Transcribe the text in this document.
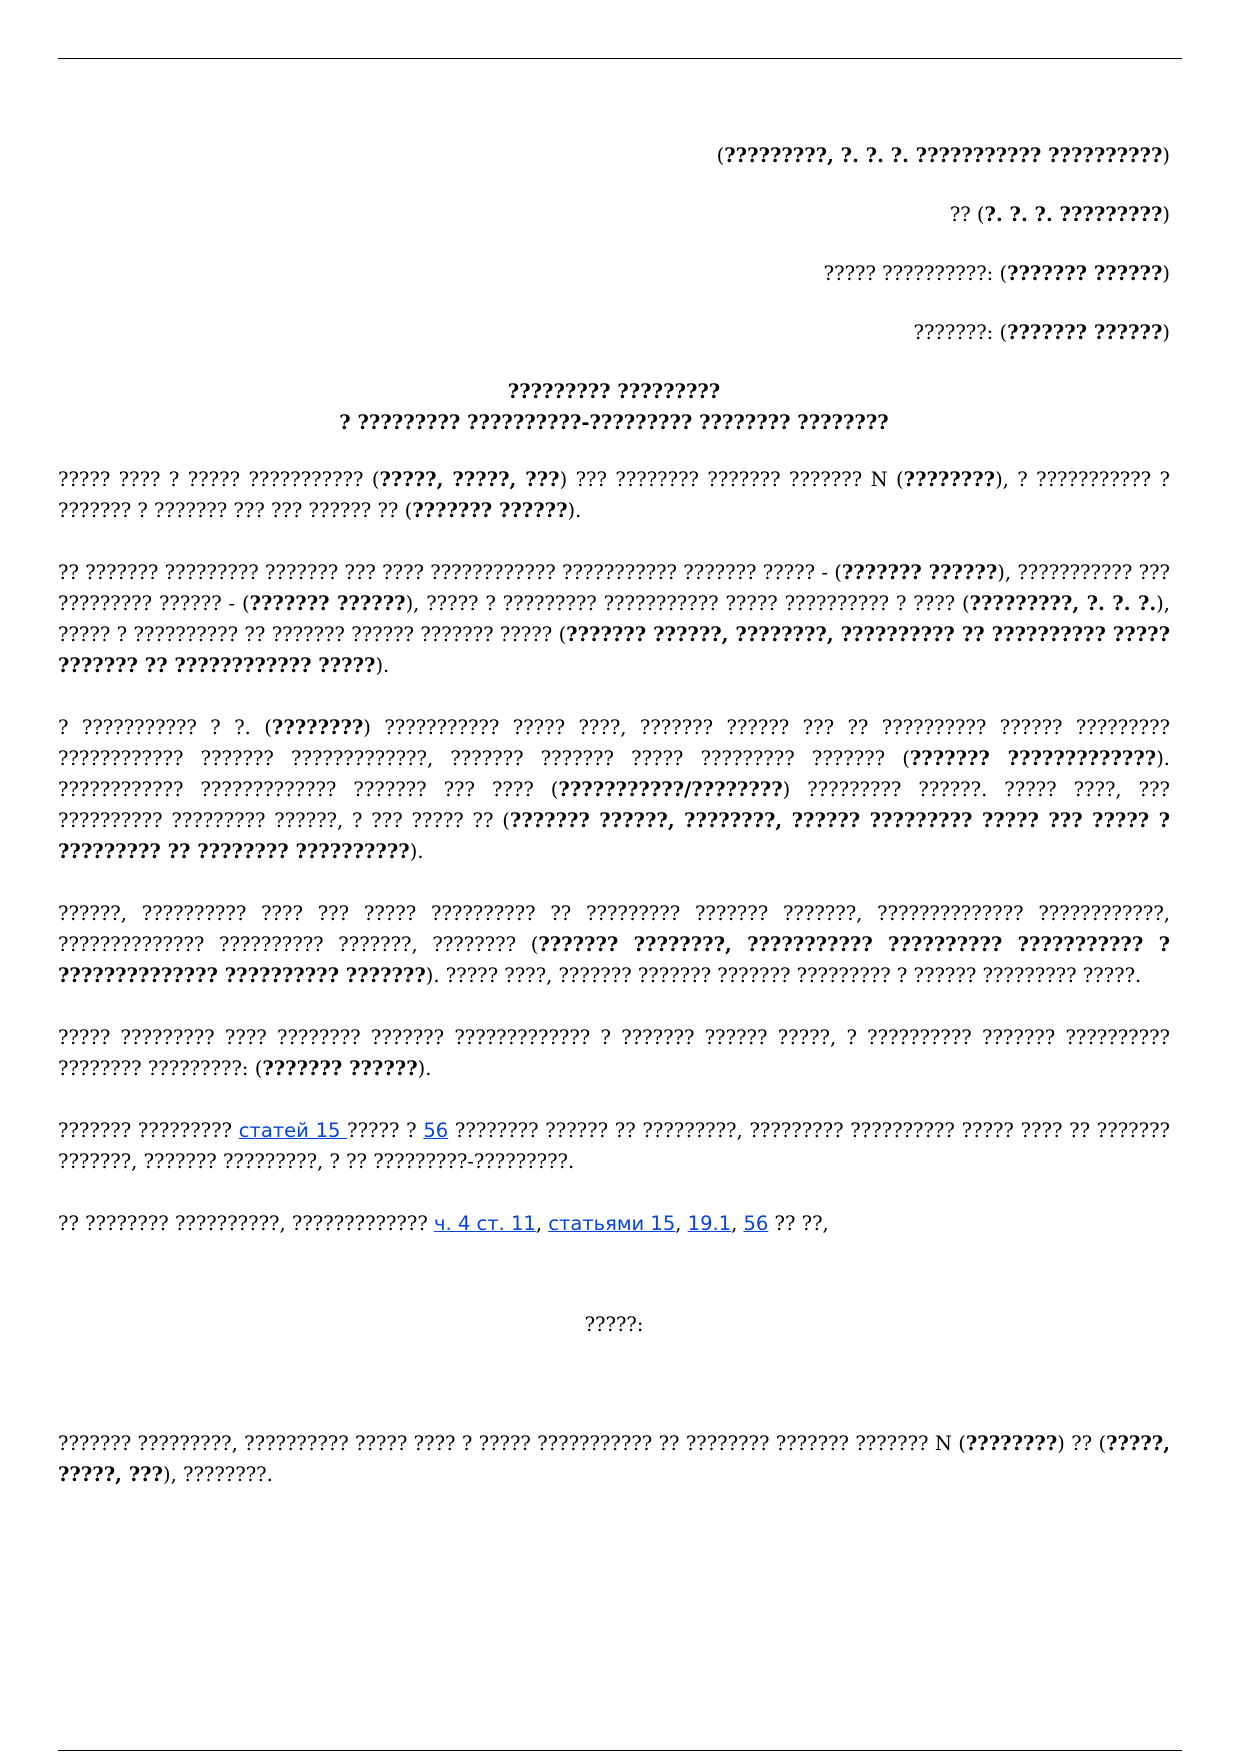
(?????????, ?. ?. ?. ??????????? ??????????)
?? (?. ?. ?. ?????????)
????? ??????????: (??????? ??????)
???????: (??????? ??????)
????????? ?????????
? ????????? ??????????-????????? ???????? ????????

????? ???? ? ????? ??????????? (?????, ?????, ???) ??? ???????? ??????? ??????? N (????????), ? ??????????? ? ??????? ? ??????? ??? ??? ?????? ?? (??????? ??????).

?? ??????? ????????? ??????? ??? ???? ???????????? ??????????? ??????? ????? - (??????? ??????), ??????????? ??? ????????? ?????? - (??????? ??????), ????? ? ????????? ??????????? ????? ?????????? ? ???? (?????????, ?. ?. ?.), ????? ? ?????????? ?? ??????? ?????? ??????? ????? (??????? ??????, ????????, ?????????? ?? ?????????? ????? ??????? ?? ???????????? ?????).

? ??????????? ? ?. (????????) ??????????? ????? ????, ??????? ?????? ??? ?? ?????????? ?????? ????????? ???????????? ??????? ?????????????, ??????? ??????? ????? ????????? ??????? (??????? ?????????????). ???????????? ????????????? ??????? ??? ???? (???????????/????????) ????????? ??????. ????? ????, ??? ?????????? ????????? ??????, ? ??? ????? ?? (??????? ??????, ????????, ?????? ????????? ????? ??? ????? ? ????????? ?? ???????? ??????????).

??????, ?????????? ???? ??? ????? ?????????? ?? ????????? ??????? ???????, ?????????????? ????????????, ?????????????? ?????????? ???????, ???????? (??????? ????????, ??????????? ?????????? ??????????? ? ?????????????? ?????????? ???????). ????? ????, ??????? ??????? ??????? ????????? ? ?????? ????????? ?????.

????? ????????? ???? ???????? ??????? ????????????? ? ??????? ?????? ?????, ? ?????????? ??????? ?????????? ???????? ?????????: (??????? ??????).

??????? ????????? статей 15 ????? ? 56 ???????? ?????? ?? ?????????, ????????? ?????????? ????? ???? ?? ??????? ???????, ??????? ?????????, ? ?? ?????????-?????????.

?? ???????? ??????????, ????????????? ч. 4 ст. 11, статьями 15, 19.1, 56 ?? ??,

?????:

??????? ?????????, ?????????? ????? ???? ? ????? ??????????? ?? ???????? ??????? ??????? N (????????) ?? (?????, ?????, ???), ????????.
